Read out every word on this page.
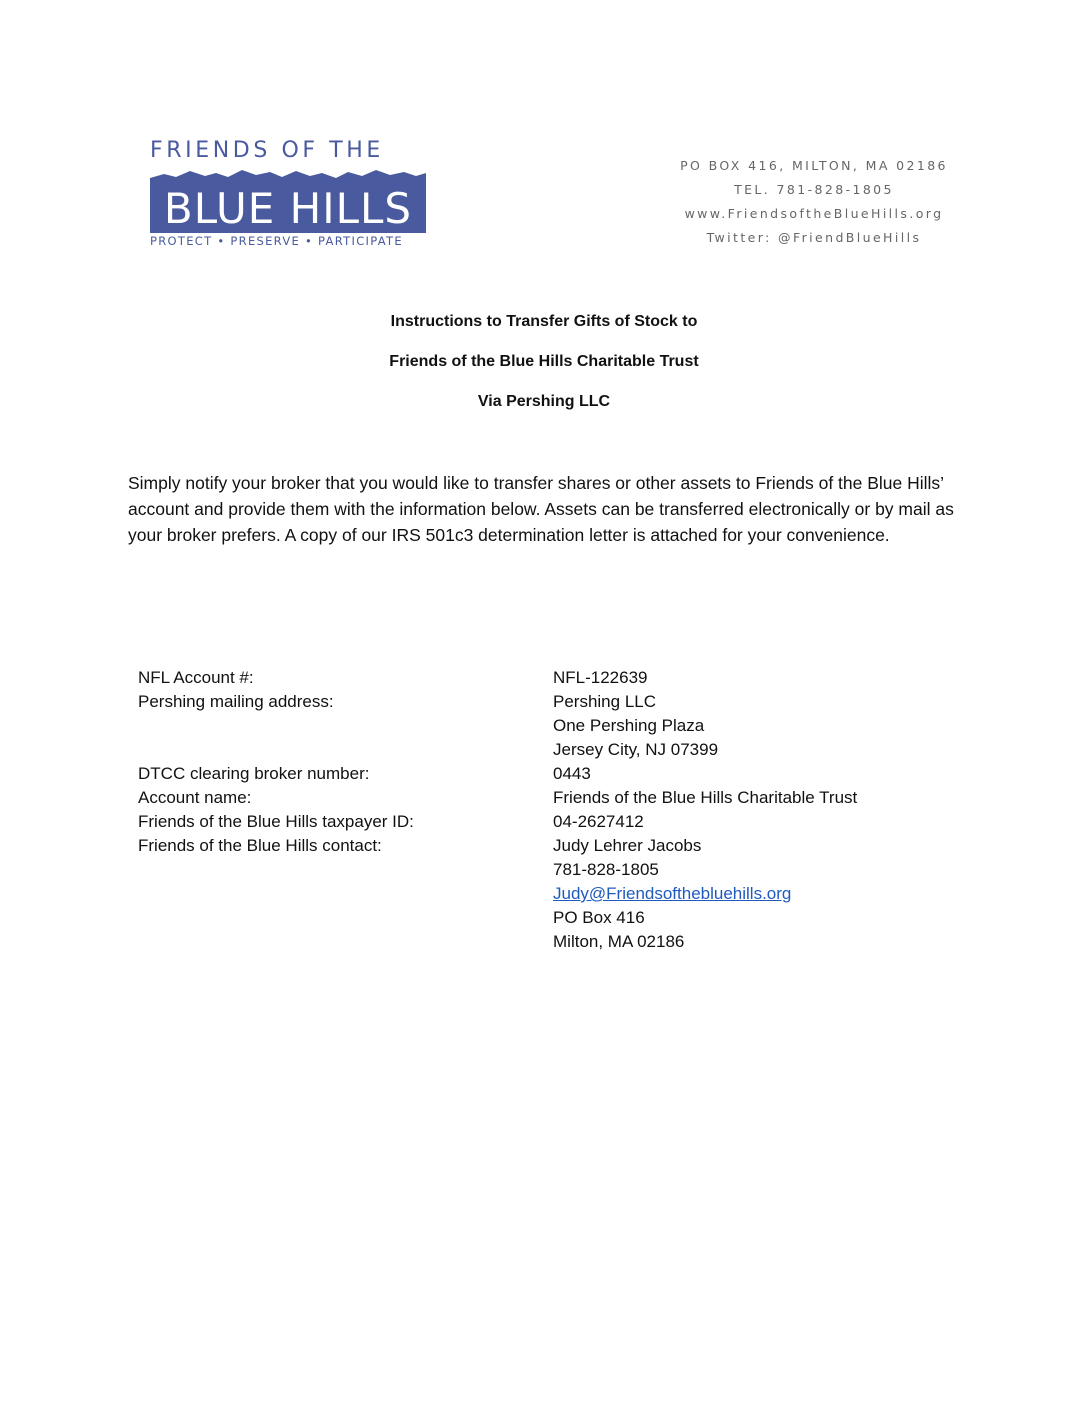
FRIENDS OF THE
BLUE HILLS
PROTECT • PRESERVE • PARTICIPATE
PO BOX 416, MILTON, MA 02186
TEL. 781-828-1805
www.FriendsoftheBlueHills.org
Twitter: @FriendBlueHills
Instructions to Transfer Gifts of Stock to
Friends of the Blue Hills Charitable Trust
Via Pershing LLC
Simply notify your broker that you would like to transfer shares or other assets to Friends of the Blue Hills’ account and provide them with the information below. Assets can be transferred electronically or by mail as your broker prefers. A copy of our IRS 501c3 determination letter is attached for your convenience.
NFL Account #:	NFL-122639
Pershing mailing address:	Pershing LLC
One Pershing Plaza
Jersey City, NJ 07399
DTCC clearing broker number:	0443
Account name:	Friends of the Blue Hills Charitable Trust
Friends of the Blue Hills taxpayer ID:	04-2627412
Friends of the Blue Hills contact:	Judy Lehrer Jacobs
781-828-1805
Judy@Friendsofthebluehills.org
PO Box 416
Milton, MA 02186
